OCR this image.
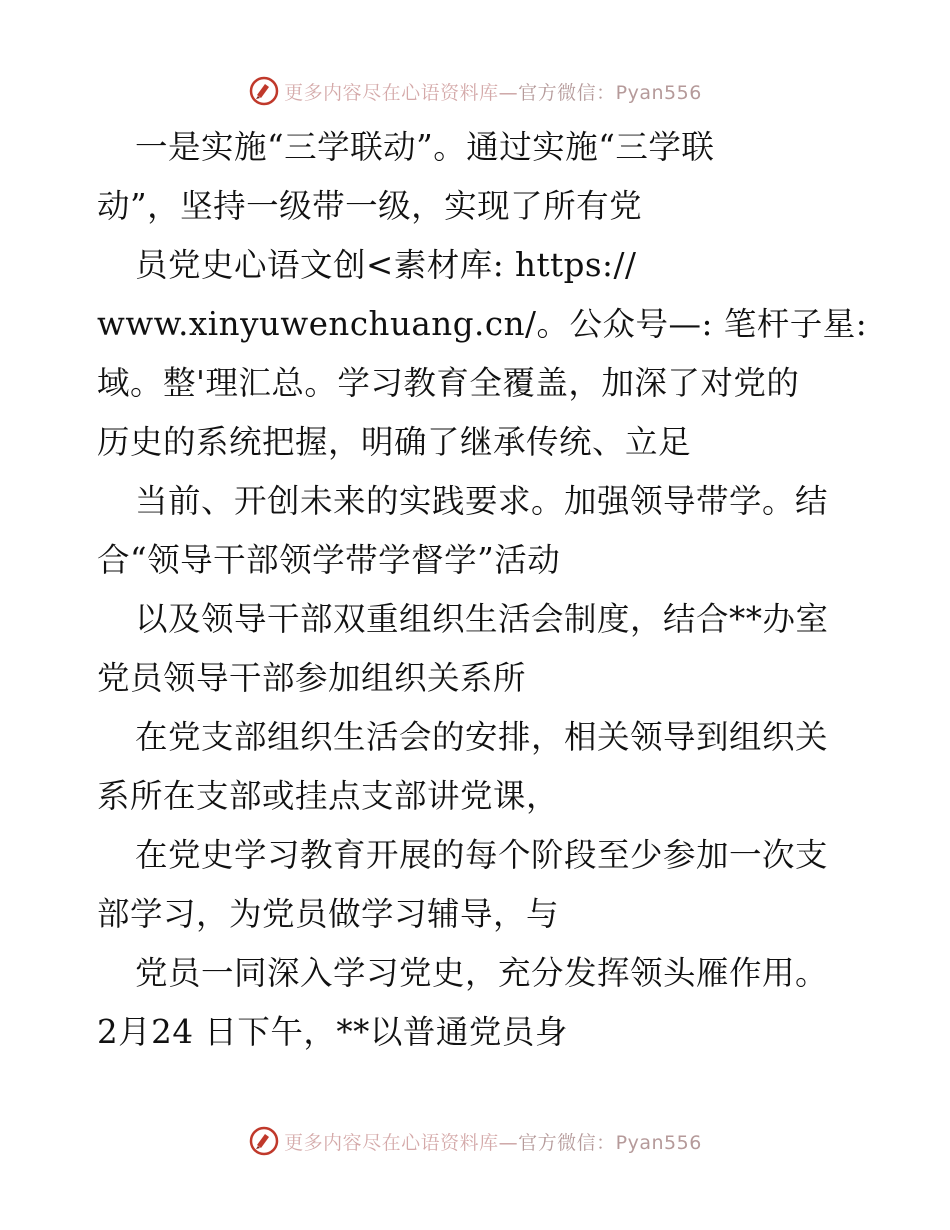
更多内容尽在心语资料库—官方微信：Pyan556
一是实施“三学联动”。通过实施“三学联
动”，坚持一级带一级，实现了所有党
员党史心语文创<素材库: https://
www.xinyuwenchuang.cn/。公众号—: 笔杆子星:
域。整'理汇总。学习教育全覆盖，加深了对党的
历史的系统把握，明确了继承传统、立足
当前、开创未来的实践要求。加强领导带学。结
合“领导干部领学带学督学”活动
以及领导干部双重组织生活会制度，结合**办室
党员领导干部参加组织关系所
在党支部组织生活会的安排，相关领导到组织关
系所在支部或挂点支部讲党课，
在党史学习教育开展的每个阶段至少参加一次支
部学习，为党员做学习辅导，与
党员一同深入学习党史，充分发挥领头雁作用。
2月24 日下午，**以普通党员身
更多内容尽在心语资料库—官方微信：Pyan556
